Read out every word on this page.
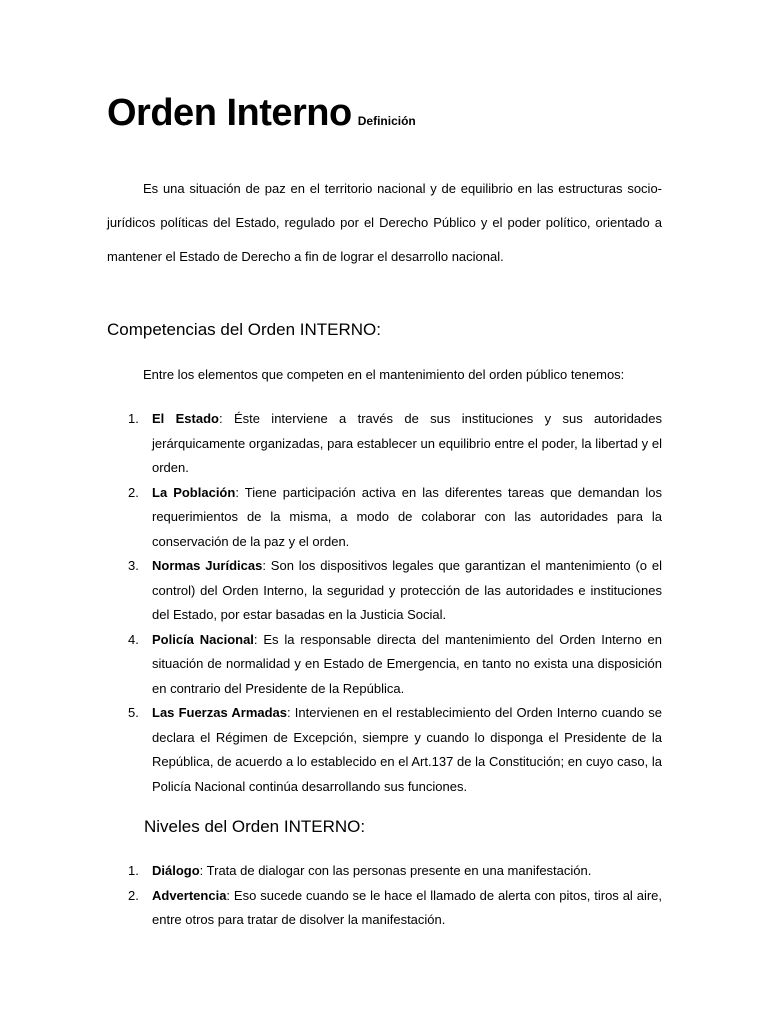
Orden Interno Definición

Es una situación de paz en el territorio nacional y de equilibrio en las estructuras socio-jurídicos políticas del Estado, regulado por el Derecho Público y el poder político, orientado a mantener el Estado de Derecho a fin de lograr el desarrollo nacional.

Competencias del Orden INTERNO:

Entre los elementos que competen en el mantenimiento del orden público tenemos:

1. El Estado: Éste interviene a través de sus instituciones y sus autoridades jerárquicamente organizadas, para establecer un equilibrio entre el poder, la libertad y el orden.
2. La Población: Tiene participación activa en las diferentes tareas que demandan los requerimientos de la misma, a modo de colaborar con las autoridades para la conservación de la paz y el orden.
3. Normas Jurídicas: Son los dispositivos legales que garantizan el mantenimiento (o el control) del Orden Interno, la seguridad y protección de las autoridades e instituciones del Estado, por estar basadas en la Justicia Social.
4. Policía Nacional: Es la responsable directa del mantenimiento del Orden Interno en situación de normalidad y en Estado de Emergencia, en tanto no exista una disposición en contrario del Presidente de la República.
5. Las Fuerzas Armadas: Intervienen en el restablecimiento del Orden Interno cuando se declara el Régimen de Excepción, siempre y cuando lo disponga el Presidente de la República, de acuerdo a lo establecido en el Art.137 de la Constitución; en cuyo caso, la Policía Nacional continúa desarrollando sus funciones.
Niveles del Orden INTERNO:
1. Diálogo: Trata de dialogar con las personas presente en una manifestación.
2. Advertencia: Eso sucede cuando se le hace el llamado de alerta con pitos, tiros al aire, entre otros para tratar de disolver la manifestación.
